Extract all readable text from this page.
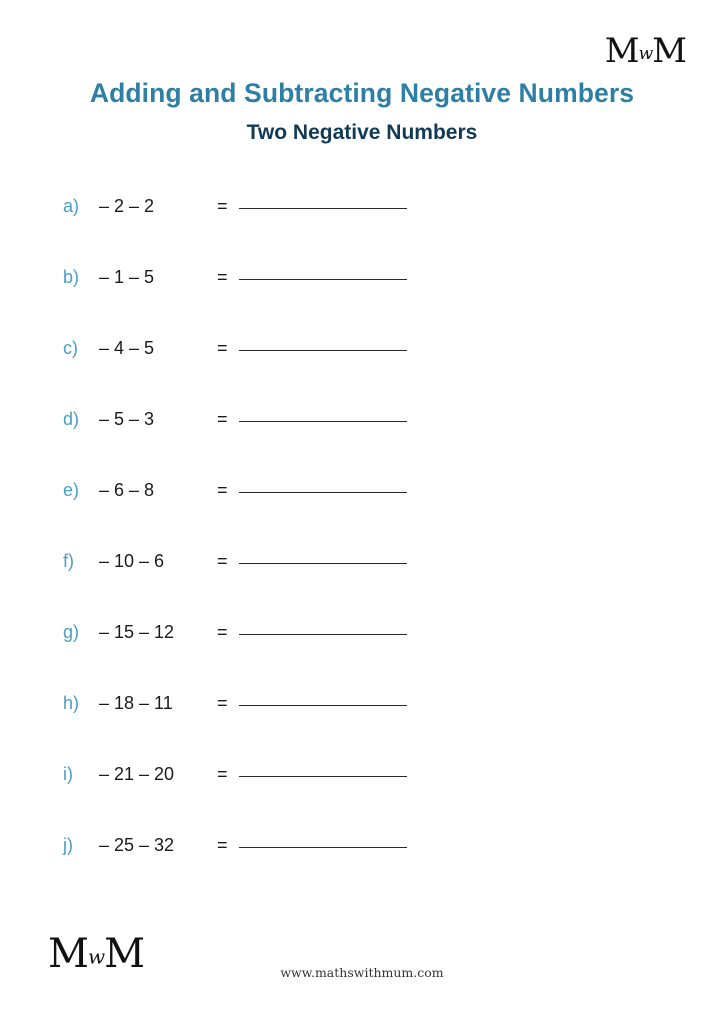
MwM
Adding and Subtracting Negative Numbers
Two Negative Numbers
a)	– 2 – 2	=
b)	– 1 – 5	=
c)	– 4 – 5	=
d)	– 5 – 3	=
e)	– 6 – 8	=
f)	– 10 – 6	=
g)	– 15 – 12	=
h)	– 18 – 11	=
i)	– 21 – 20	=
j)	– 25 – 32	=
MwM	www.mathswithmum.com
